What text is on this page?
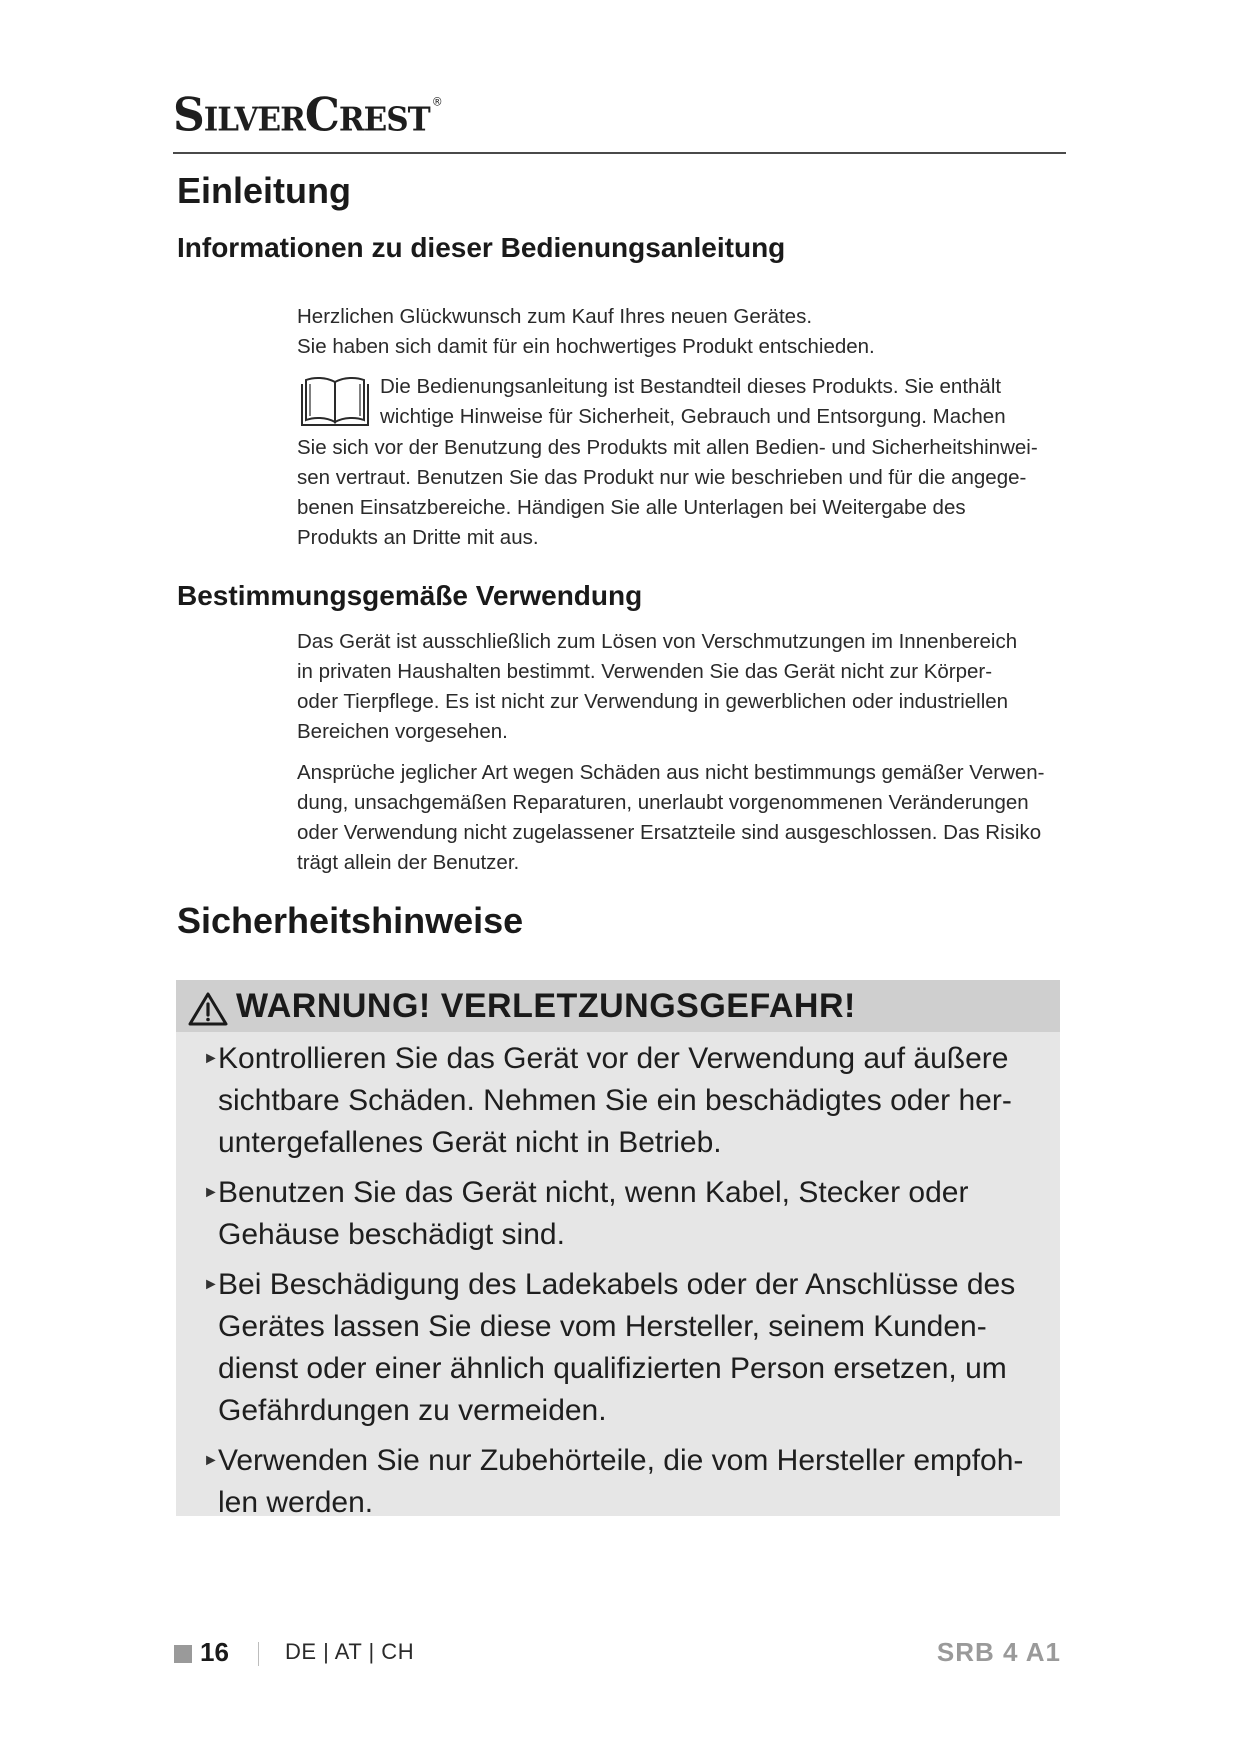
SilverCrest ®
Einleitung
Informationen zu dieser Bedienungsanleitung

Herzlichen Glückwunsch zum Kauf Ihres neuen Gerätes.

Sie haben sich damit für ein hochwertiges Produkt entschieden.

Die Bedienungsanleitung ist Bestandteil dieses Produkts. Sie enthält

wichtige Hinweise für Sicherheit, Gebrauch und Entsorgung. Machen

Sie sich vor der Benutzung des Produkts mit allen Bedien- und Sicherheitshinwei-

sen vertraut. Benutzen Sie das Produkt nur wie beschrieben und für die angege-

benen Einsatzbereiche. Händigen Sie alle Unterlagen bei Weitergabe des

Produkts an Dritte mit aus.

Bestimmungsgemäße Verwendung

Das Gerät ist ausschließlich zum Lösen von Verschmutzungen im Innenbereich

in privaten Haushalten bestimmt. Verwenden Sie das Gerät nicht zur Körper-

oder Tierpflege. Es ist nicht zur Verwendung in gewerblichen oder industriellen

Bereichen vorgesehen.

Ansprüche jeglicher Art wegen Schäden aus nicht bestimmungs gemäßer Verwen-

dung, unsachgemäßen Reparaturen, unerlaubt vorgenommenen Veränderungen

oder Verwendung nicht zugelassener Ersatzteile sind ausgeschlossen. Das Risiko

trägt allein der Benutzer.

Sicherheitshinweise
WARNUNG! VERLETZUNGSGEFAHR!
► Kontrollieren Sie das Gerät vor der Verwendung auf äußere
sichtbare Schäden. Nehmen Sie ein beschädigtes oder her-
untergefallenes Gerät nicht in Betrieb.
► Benutzen Sie das Gerät nicht, wenn Kabel, Stecker oder
Gehäuse beschädigt sind.
► Bei Beschädigung des Ladekabels oder der Anschlüsse des
Gerätes lassen Sie diese vom Hersteller, seinem Kunden-
dienst oder einer ähnlich qualifizierten Person ersetzen, um
Gefährdungen zu vermeiden.
► Verwenden Sie nur Zubehörteile, die vom Hersteller empfoh-
len werden.
16	DE | AT | CH	SRB 4 A1
